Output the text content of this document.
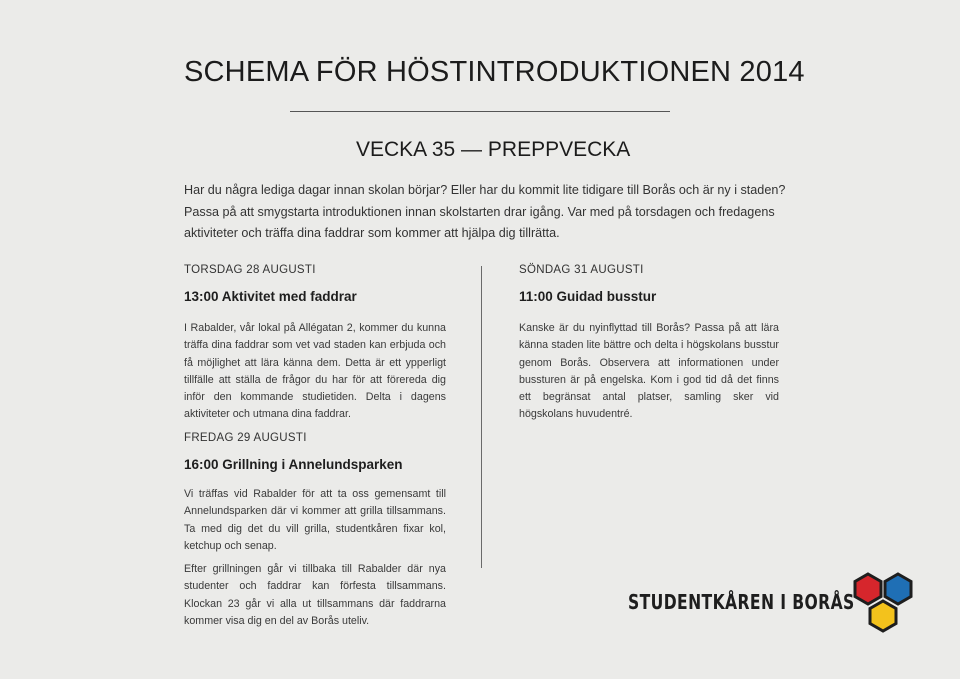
SCHEMA FÖR HÖSTINTRODUKTIONEN 2014
VECKA 35 — PREPPVECKA
Har du några lediga dagar innan skolan börjar? Eller har du kommit lite tidigare till Borås och är ny i staden? Passa på att smygstarta introduktionen innan skolstarten drar igång. Var med på torsdagen och fredagens aktiviteter och träffa dina faddrar som kommer att hjälpa dig tillrätta.
TORSDAG 28 AUGUSTI
13:00 Aktivitet med faddrar
I Rabalder, vår lokal på Allégatan 2, kommer du kunna träffa dina faddrar som vet vad staden kan erbjuda och få möjlighet att lära känna dem. Detta är ett ypperligt tillfälle att ställa de frågor du har för att förereda dig inför den kommande studietiden. Delta i dagens aktiviteter och utmana dina faddrar.
FREDAG 29 AUGUSTI
16:00 Grillning i Annelundsparken
Vi träffas vid Rabalder för att ta oss gemensamt till Annelundsparken där vi kommer att grilla tillsammans. Ta med dig det du vill grilla, studentkåren fixar kol, ketchup och senap.
Efter grillningen går vi tillbaka till Rabalder där nya studenter och faddrar kan förfesta tillsammans. Klockan 23 går vi alla ut tillsammans där faddrarna kommer visa dig en del av Borås uteliv.
SÖNDAG 31 AUGUSTI
11:00 Guidad busstur
Kanske är du nyinflyttad till Borås? Passa på att lära känna staden lite bättre och delta i högskolans busstur genom Borås. Observera att informationen under bussturen är på engelska. Kom i god tid då det finns ett begränsat antal platser, samling sker vid högskolans huvudentré.
STUDENTKÅREN I BORÅS
